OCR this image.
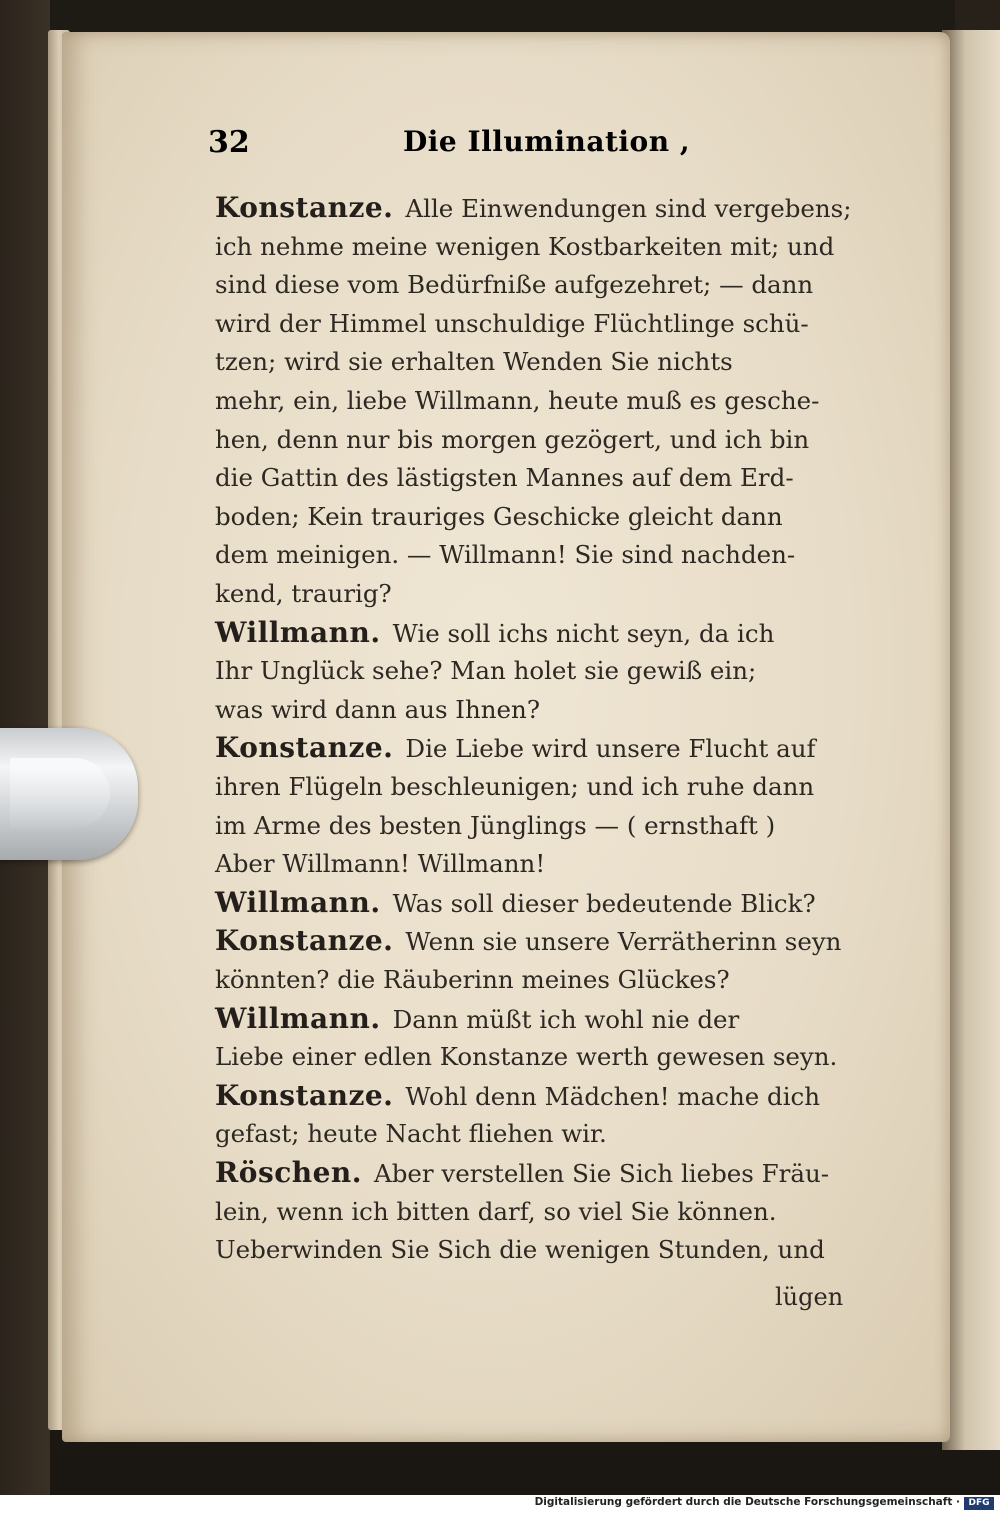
32	Die Illumination ,
Konstanze. Alle Einwendungen sind vergebens;
ich nehme meine wenigen Kostbarkeiten mit; und
sind diese vom Bedürfniße aufgezehret; — dann
wird der Himmel unschuldige Flüchtlinge schü-
tzen; wird sie erhalten Wenden Sie nichts
mehr, ein, liebe Willmann, heute muß es gesche-
hen, denn nur bis morgen gezögert, und ich bin
die Gattin des lästigsten Mannes auf dem Erd-
boden; Kein trauriges Geschicke gleicht dann
dem meinigen. — Willmann! Sie sind nachden-
kend, traurig?
Willmann. Wie soll ichs nicht seyn, da ich
Ihr Unglück sehe? Man holet sie gewiß ein;
was wird dann aus Ihnen?
Konstanze. Die Liebe wird unsere Flucht auf
ihren Flügeln beschleunigen; und ich ruhe dann
im Arme des besten Jünglings — ( ernsthaft )
Aber Willmann! Willmann!
Willmann. Was soll dieser bedeutende Blick?
Konstanze. Wenn sie unsere Verrätherinn seyn
könnten? die Räuberinn meines Glückes?
Willmann. Dann müßt ich wohl nie der
Liebe einer edlen Konstanze werth gewesen seyn.
Konstanze. Wohl denn Mädchen! mache dich
gefast; heute Nacht fliehen wir.
Röschen. Aber verstellen Sie Sich liebes Fräu-
lein, wenn ich bitten darf, so viel Sie können.
Ueberwinden Sie Sich die wenigen Stunden, und
lügen
Digitalisierung gefördert durch die Deutsche Forschungsgemeinschaft · DFG
